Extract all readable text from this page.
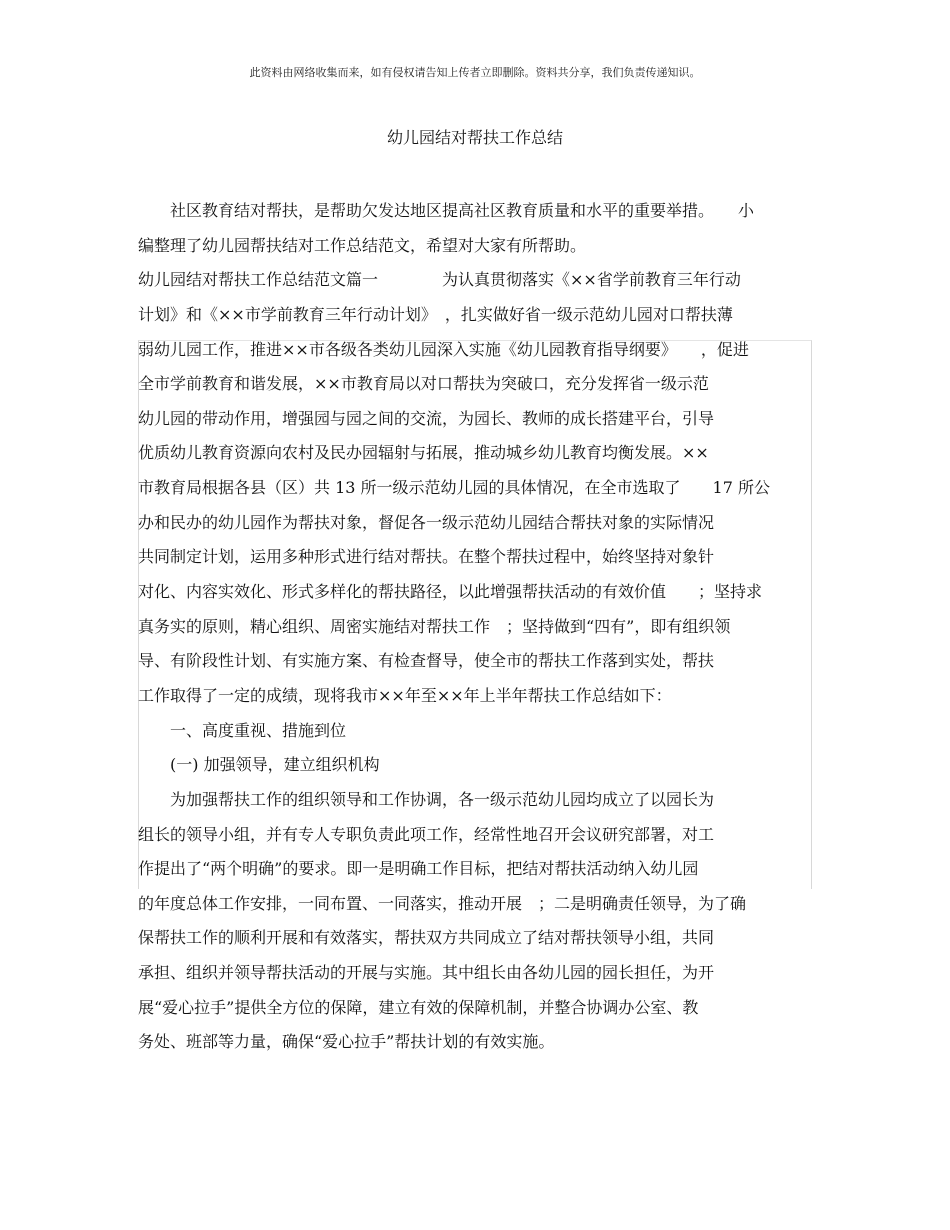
此资料由网络收集而来，如有侵权请告知上传者立即删除。资料共分享，我们负责传递知识。
幼儿园结对帮扶工作总结
　　社区教育结对帮扶，是帮助欠发达地区提高社区教育质量和水平的重要举措。　　小
编整理了幼儿园帮扶结对工作总结范文，希望对大家有所帮助。
幼儿园结对帮扶工作总结范文篇一　　　　为认真贯彻落实《××省学前教育三年行动
计划》和《××市学前教育三年行动计划》　，扎实做好省一级示范幼儿园对口帮扶薄
弱幼儿园工作，推进××市各级各类幼儿园深入实施《幼儿园教育指导纲要》　　，促进
全市学前教育和谐发展，××市教育局以对口帮扶为突破口，充分发挥省一级示范
幼儿园的带动作用，增强园与园之间的交流，为园长、教师的成长搭建平台，引导
优质幼儿教育资源向农村及民办园辐射与拓展，推动城乡幼儿教育均衡发展。××
市教育局根据各县（区）共 13 所一级示范幼儿园的具体情况，在全市选取了　　17 所公
办和民办的幼儿园作为帮扶对象，督促各一级示范幼儿园结合帮扶对象的实际情况
共同制定计划，运用多种形式进行结对帮扶。在整个帮扶过程中，始终坚持对象针
对化、内容实效化、形式多样化的帮扶路径，以此增强帮扶活动的有效价值　　；坚持求
真务实的原则，精心组织、周密实施结对帮扶工作　；坚持做到“四有”，即有组织领
导、有阶段性计划、有实施方案、有检查督导，使全市的帮扶工作落到实处，帮扶
工作取得了一定的成绩，现将我市××年至××年上半年帮扶工作总结如下：
　　一、高度重视、措施到位
　　(一) 加强领导，建立组织机构
　　为加强帮扶工作的组织领导和工作协调，各一级示范幼儿园均成立了以园长为
组长的领导小组，并有专人专职负责此项工作，经常性地召开会议研究部署，对工
作提出了“两个明确”的要求。即一是明确工作目标，把结对帮扶活动纳入幼儿园
的年度总体工作安排，一同布置、一同落实，推动开展　；二是明确责任领导，为了确
保帮扶工作的顺利开展和有效落实，帮扶双方共同成立了结对帮扶领导小组，共同
承担、组织并领导帮扶活动的开展与实施。其中组长由各幼儿园的园长担任，为开
展“爱心拉手”提供全方位的保障，建立有效的保障机制，并整合协调办公室、教
务处、班部等力量，确保“爱心拉手”帮扶计划的有效实施。
